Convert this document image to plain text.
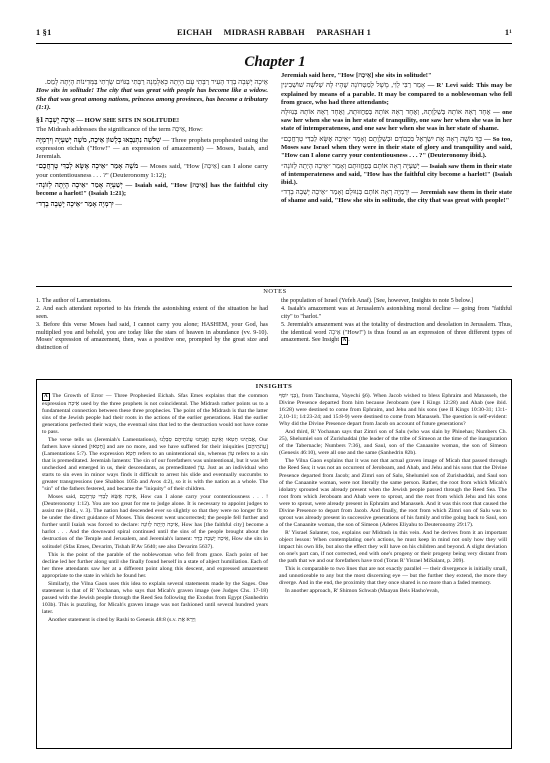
1 §1	EICHAH     MIDRASH RABBAH     PARASHAH 1	1¹
Chapter 1

אֵיכָה יָשְׁבָה בָדָד הָעִיר רַבָּתִי עָם הָיְתָה כְּאַלְמָנָה רַבָּתִי בַגּוֹיִם שָׂרָתִי בַּמְּדִינוֹת הָיְתָה לָמַס.

How sits in solitude! The city that was great with people has become like a widow. She that was great among nations, princess among provinces, has become a tributary (1:1).

§1 אֵיכָה יָשְׁבָה — HOW SHE SITS IN SOLITUDE!

The Midrash addresses the significance of the term אֵיכָה, How:

שְׁלֹשָׁה נִתְנַבְּאוּ בְּלָשׁוֹן אֵיכָה, מֹשֶׁה יְשַׁעְיָה וְיִרְמְיָה — Three prophets prophesied using the expression eichah ("How!" — an expression of amazement) — Moses, Isaiah, and Jeremiah.

מֹשֶׁה אָמַר ״אֵיכָה אֶשָּׂא לְבַדִּי טָרְחֲכֶם״ — Moses said, "How [אֵיכָה] can I alone carry your contentiousness . . . ?" (Deuteronomy 1:12);

יְשַׁעְיָה אָמַר ״אֵיכָה הָיְתָה לְזוֹנָה״ — Isaiah said, "How [אֵיכָה] has the faithful city become a harlot!" (Isaiah 1:21);

יִרְמְיָה אָמַר ״אֵיכָה יָשְׁבָה בָדָד״ —

Jeremiah said here, "How [אֵיכָה] she sits in solitude!"

אָמַר רַבִּי לֵוִי, מָשָׁל לְמַטְרוֹנָה שֶׁהָיוּ לָהּ שְׁלֹשָׁה שׁוֹשְׁבִינִין — R' Levi said: This may be explained by means of a parable. It may be compared to a noblewoman who fell from grace, who had three attendants;

אֶחָד רְאָהּ אוֹתָהּ בְּשַׁלְוָתָהּ, וְאֶחָד רְאָהּ אוֹתָהּ בְּפַחֲזוּתָהּ, וְאֶחָד רְאָהּ אוֹתָהּ בְּנִוּוּלָהּ — one saw her when she was in her state of tranquility, one saw her when she was in her state of intemperateness, and one saw her when she was in her state of shame.

כָּךְ מֹשֶׁה רָאָה אֶת יִשְׂרָאֵל בִּכְבוֹדָם וּבְשַׁלְוָתָם וְאָמַר ״אֵיכָה אֶשָּׂא לְבַדִּי טָרְחֲכֶם״ — So too, Moses saw Israel when they were in their state of glory and tranquility and said, "How can I alone carry your contentiousness . . . ?" (Deuteronomy ibid.).

יְשַׁעְיָה רָאָה אוֹתָם בְּפַחֲזוּתָם וְאָמַר ״אֵיכָה הָיְתָה לְזוֹנָה״ — Isaiah saw them in their state of intemperateness and said, "How has the faithful city become a harlot!" (Isaiah ibid.).

יִרְמְיָה רָאָה אוֹתָם בְּנִוּוּלָם וְאָמַר ״אֵיכָה יָשְׁבָה בָדָד״ — Jeremiah saw them in their state of shame and said, "How she sits in solitude, the city that was great with people!"

NOTES

1. The author of Lamentations.

2. And each attendant reported to his friends the astonishing extent of the situation he had seen.

3. Before this verse Moses had said, I cannot carry you alone; HASHEM, your God, has multiplied you and behold, you are today like the stars of heaven in abundance (vv. 9-10). Moses' expression of amazement, then, was a positive one, prompted by the great size and distinction of

the population of Israel (Yefeh Anaf). [See, however, Insights to note 5 below.]

4. Isaiah's amazement was at Jerusalem's astonishing moral decline — going from "faithful city" to "harlot."

5. Jeremiah's amazement was at the totality of destruction and desolation in Jerusalem. Thus, the identical word אֵיכָה ("How!") is thus found as an expression of three different types of amazement. See Insight A .

INSIGHTS

A The Growth of Error — Three Prophesied Eichah. Sfas Emes explains that the common expression אֵיכָה used by the three prophets is not coincidental. The Midrash rather points us to a fundamental connection between these three prophecies. The point of the Midrash is that the latter sins of the Jewish people had their roots in the actions of the earlier generations. Had the earlier generations perfected their ways, the eventual sins that led to the destruction would not have come to pass.

The verse tells us (Jeremiah's Lamentations), אֲבֹתֵינוּ חָטְאוּ וְאֵינָם וַאֲנַחְנוּ עֲוֹנֹתֵיהֶם סָבָלְנוּ, Our fathers have sinned [חָטְאוּ] and are no more, and we have suffered for their iniquities [עֲוֹנֹתֵיהֶם] (Lamentations 5:7). The expression חֵטְא refers to an unintentional sin, whereas עָוֹן refers to a sin that is premeditated. Jeremiah laments: The sin of our forefathers was unintentional, but it was left unchecked and emerged in us, their descendants, as premeditated עָוֹן. Just as an individual who starts to sin even in minor ways finds it difficult to arrest his slide and eventually succumbs to greater transgressions (see Shabbos 105b and Avos 4:2), so it is with the nation as a whole. The "sin" of the fathers festered, and became the "iniquity" of their children.

Moses said, אֵיכָה אֶשָּׂא לְבַדִּי טָרְחֲכֶם, How can I alone carry your contentiousness . . . ! (Deuteronomy 1:12). You are too great for me to judge alone. It is necessary to appoint judges to assist me (ibid., v. 3). The nation had descended ever so slightly so that they were no longer fit to be under the direct guidance of Moses. This descent went uncorrected; the people fell further and further until Isaiah was forced to declare: אֵיכָה הָיְתָה לְזוֹנָה, How has [the faithful city] become a harlot . . . And the downward spiral continued until the sins of the people brought about the destruction of the Temple and Jerusalem, and Jeremiah's lament: אֵיכָה יָשְׁבָה בָדָד, How she sits in solitude! (Sfas Emes, Devarim, Tishah B'Av 5640; see also Devarim 5637).

This is the point of the parable of the noblewoman who fell from grace. Each point of her decline led her further along until she finally found herself in a state of abject humiliation. Each of her three attendants saw her at a different point along this descent, and expressed amazement appropriate to the state in which he found her.

Similarly, the Vilna Gaon uses this idea to explain several statements made by the Sages. One statement is that of R' Yochanan, who says that Micah's graven image (see Judges Chs. 17-18) passed with the Jewish people through the Reed Sea following the Exodus from Egypt (Sanhedrin 103b). This is puzzling, for Micah's graven image was not fashioned until several hundred years later.

Another statement is cited by Rashi to Genesis 48:8 (s.v. וַיַּרְא אֶת

בְּנֵי יוֹסֵף), from Tanchuma, Vayechi §6). When Jacob wished to bless Ephraim and Manasseh, the Divine Presence departed from him because Jeroboam (see I Kings 12:28) and Ahab (see ibid. 16:28) were destined to come from Ephraim, and Jehu and his sons (see II Kings 10:30-31; 13:1-2,10-11; 14:23-24; and 15:8-9) were destined to come from Manasseh. The question is self-evident: Why did the Divine Presence depart from Jacob on account of future generations?

And third, R' Yochanan says that Zimri son of Salu (who was slain by Phinehas; Numbers Ch. 25), Shelumiel son of Zurishaddai (the leader of the tribe of Simeon at the time of the inauguration of the Tabernacle; Numbers 7:36), and Saul, son of the Canaanite woman, the son of Simeon (Genesis 46:10), were all one and the same (Sanhedrin 82b).

The Vilna Gaon explains that it was not that actual graven image of Micah that passed through the Reed Sea; it was not an occurrent of Jeroboam, and Ahab, and Jehu and his sons that the Divine Presence departed from Jacob; and Zimri son of Salu, Shelumiel son of Zurishaddai, and Saul son of the Canaanite woman, were not literally the same person. Rather, the root from which Micah's idolatry sprouted was already present when the Jewish people passed through the Reed Sea. The root from which Jeroboam and Ahab were to sprout, and the root from which Jehu and his sons were to sprout, were already present in Ephraim and Manasseh. And it was this root that caused the Divine Presence to depart from Jacob. And finally, the root from which Zimri son of Salu was to sprout was already present in successive generations of his family and tribe going back to Saul, son of the Canaanite woman, the son of Simeon (Aderes Eliyahu to Deuteronomy 29:17).

R' Yisrael Salanter, too, explains our Midrash in this vein. And he derives from it an important object lesson: When contemplating one's actions, he must keep in mind not only how they will impact his own life, but also the effect they will have on his children and beyond. A slight deviation on one's part can, if not corrected, end with one's progeny or their progeny being very distant from the path that we and our forefathers have trod (Toras R' Yisrael MiSalant, p. 209).

This is comparable to two lines that are not exactly parallel — their divergence is initially small, and unnoticeable to any but the most discerning eye — but the further they extend, the more they diverge. And in the end, the proximity that they once shared is no more than a faded memory.

In another approach, R' Shimon Schwab (Maayan Beis Hasho'evah,
